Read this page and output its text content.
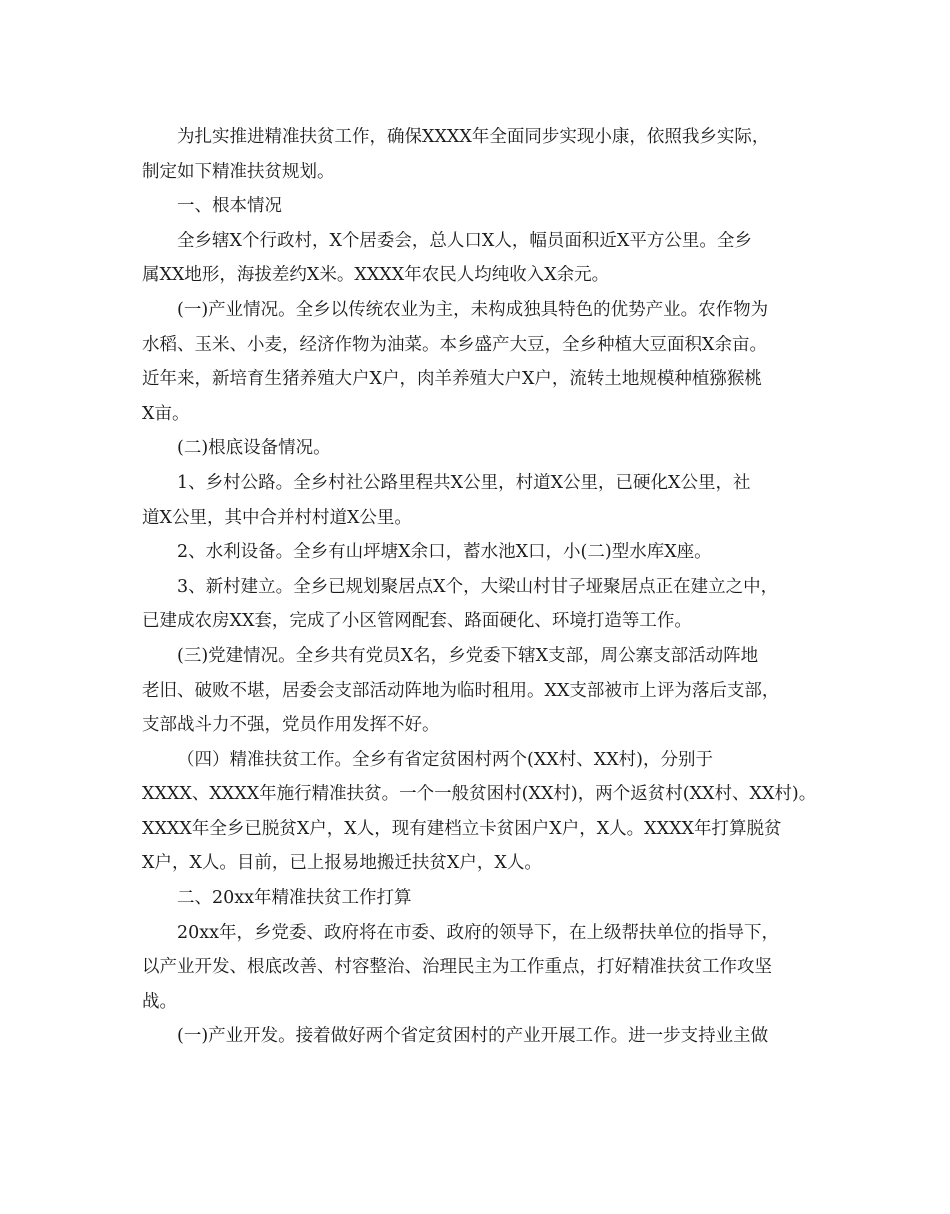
为扎实推进精准扶贫工作，确保XXXX年全面同步实现小康，依照我乡实际，
制定如下精准扶贫规划。

一、根本情况

全乡辖X个行政村，X个居委会，总人口X人，幅员面积近X平方公里。全乡
属XX地形，海拔差约X米。XXXX年农民人均纯收入X余元。

(一)产业情况。全乡以传统农业为主，未构成独具特色的优势产业。农作物为
水稻、玉米、小麦，经济作物为油菜。本乡盛产大豆，全乡种植大豆面积X余亩。
近年来，新培育生猪养殖大户X户，肉羊养殖大户X户，流转土地规模种植猕猴桃
X亩。

(二)根底设备情况。

1、乡村公路。全乡村社公路里程共X公里，村道X公里，已硬化X公里，社
道X公里，其中合并村村道X公里。

2、水利设备。全乡有山坪塘X余口，蓄水池X口，小(二)型水库X座。

3、新村建立。全乡已规划聚居点X个，大梁山村甘子垭聚居点正在建立之中，
已建成农房XX套，完成了小区管网配套、路面硬化、环境打造等工作。

(三)党建情况。全乡共有党员X名，乡党委下辖X支部，周公寨支部活动阵地
老旧、破败不堪，居委会支部活动阵地为临时租用。XX支部被市上评为落后支部，
支部战斗力不强，党员作用发挥不好。

（四）精准扶贫工作。全乡有省定贫困村两个(XX村、XX村)，分别于
XXXX、XXXX年施行精准扶贫。一个一般贫困村(XX村)，两个返贫村(XX村、XX村)。
XXXX年全乡已脱贫X户，X人，现有建档立卡贫困户X户，X人。XXXX年打算脱贫
X户，X人。目前，已上报易地搬迁扶贫X户，X人。

二、20xx年精准扶贫工作打算

20xx年，乡党委、政府将在市委、政府的领导下，在上级帮扶单位的指导下，
以产业开发、根底改善、村容整治、治理民主为工作重点，打好精准扶贫工作攻坚
战。

(一)产业开发。接着做好两个省定贫困村的产业开展工作。进一步支持业主做
